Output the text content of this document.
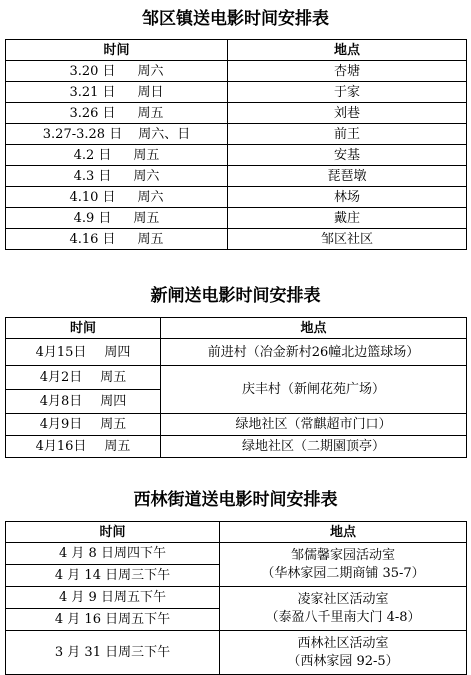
邹区镇送电影时间安排表
时间	地点
3.20 日 周六	杏塘
3.21 日 周日	于家
3.26 日 周五	刘巷
3.27-3.28 日 周六、日	前王
4.2 日 周五	安基
4.3 日 周六	琵琶墩
4.10 日 周六	林场
4.9 日 周五	戴庄
4.16 日 周五	邹区社区
新闸送电影时间安排表
时间	地点
4月15日 周四	前进村（冶金新村26幢北边篮球场）
4月2日 周五	庆丰村（新闸花苑广场）
4月8日 周四	
4月9日 周五	绿地社区（常麒超市门口）
4月16日 周五	绿地社区（二期園顶亭）
西林街道送电影时间安排表
时间	地点
4 月 8 日周四下午	邹儒馨家园活动室
（华林家园二期商铺 35-7）

4 月 14 日周三下午	
4 月 9 日周五下午	凌家社区活动室
（泰盈八千里南大门 4-8）

4 月 16 日周五下午	
3 月 31 日周三下午	西林社区活动室
（西林家园 92-5）
